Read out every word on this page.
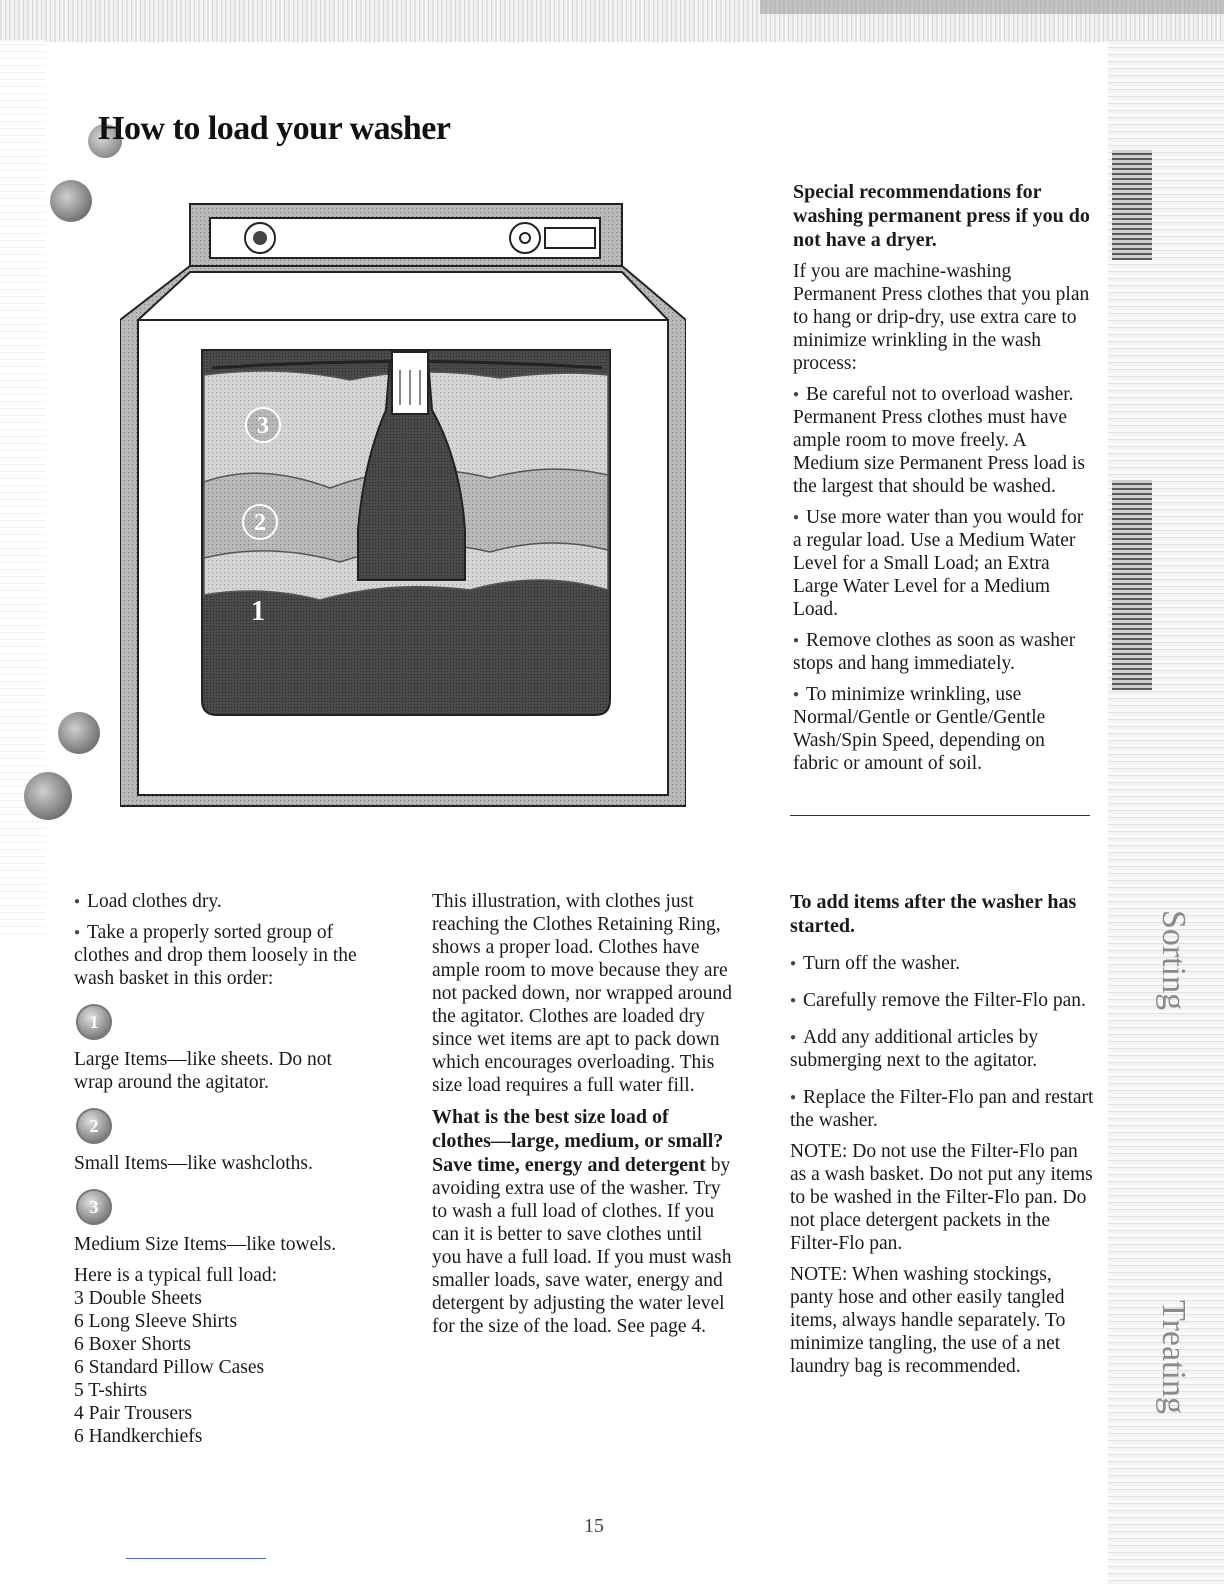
Sorting
Treating
How to load your washer
3
2
1

Special recommendations for washing permanent press if you do not have a dryer.

If you are machine-washing Permanent Press clothes that you plan to hang or drip-dry, use extra care to minimize wrinkling in the wash process:

● Be careful not to overload washer. Permanent Press clothes must have ample room to move freely. A Medium size Permanent Press load is the largest that should be washed.

● Use more water than you would for a regular load. Use a Medium Water Level for a Small Load; an Extra Large Water Level for a Medium Load.

● Remove clothes as soon as washer stops and hang immediately.

● To minimize wrinkling, use Normal/Gentle or Gentle/Gentle Wash/Spin Speed, depending on fabric or amount of soil.

● Load clothes dry.

● Take a properly sorted group of clothes and drop them loosely in the wash basket in this order:

1

Large Items—like sheets. Do not wrap around the agitator.

2

Small Items—like washcloths.

3

Medium Size Items—like towels.

Here is a typical full load:
3 Double Sheets
6 Long Sleeve Shirts
6 Boxer Shorts
6 Standard Pillow Cases
5 T-shirts
4 Pair Trousers
6 Handkerchiefs

This illustration, with clothes just reaching the Clothes Retaining Ring, shows a proper load. Clothes have ample room to move because they are not packed down, nor wrapped around the agitator. Clothes are loaded dry since wet items are apt to pack down which encourages overloading. This size load requires a full water fill.

What is the best size load of clothes—large, medium, or small? Save time, energy and detergent by avoiding extra use of the washer. Try to wash a full load of clothes. If you can it is better to save clothes until you have a full load. If you must wash smaller loads, save water, energy and detergent by adjusting the water level for the size of the load. See page 4.

To add items after the washer has started.

● Turn off the washer.

● Carefully remove the Filter-Flo pan.

● Add any additional articles by submerging next to the agitator.

● Replace the Filter-Flo pan and restart the washer.

NOTE: Do not use the Filter-Flo pan as a wash basket. Do not put any items to be washed in the Filter-Flo pan. Do not place detergent packets in the Filter-Flo pan.

NOTE: When washing stockings, panty hose and other easily tangled items, always handle separately. To minimize tangling, the use of a net laundry bag is recommended.

15
